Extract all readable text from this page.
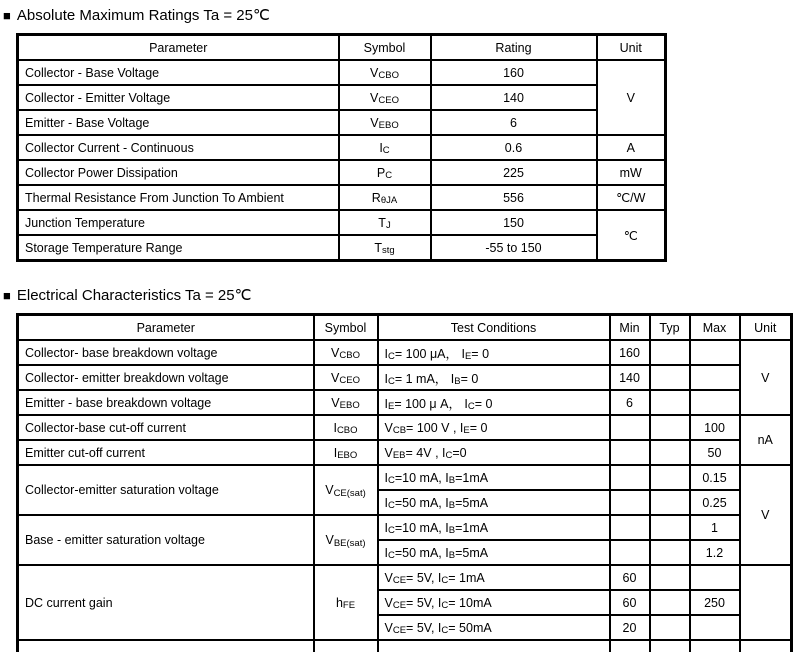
■ Absolute Maximum Ratings Ta = 25℃
Parameter	Symbol	Rating	Unit
Collector - Base Voltage	VCBO	160	V
Collector - Emitter Voltage	VCEO	140	
Emitter - Base Voltage	VEBO	6	
Collector Current - Continuous	IC	0.6	A
Collector Power Dissipation	PC	225	mW
Thermal Resistance From Junction To Ambient	RθJA	556	℃/W
Junction Temperature	TJ	150	℃
Storage Temperature Range	Tstg	-55 to 150	
■ Electrical Characteristics Ta = 25℃
Parameter	Symbol	Test Conditions	Min	Typ	Max	Unit
Collector- base breakdown voltage	VCBO	IC= 100 μA， IE= 0	160			V
Collector- emitter breakdown voltage	VCEO	IC= 1 mA， IB= 0	140			
Emitter - base breakdown voltage	VEBO	IE= 100 μ A， IC= 0	6			
Collector-base cut-off current	ICBO	VCB= 100 V , IE= 0			100	nA
Emitter cut-off current	IEBO	VEB= 4V , IC=0			50	
Collector-emitter saturation voltage	VCE(sat)	IC=10 mA, IB=1mA			0.15	V
		IC=50 mA, IB=5mA			0.25	
Base - emitter saturation voltage	VBE(sat)	IC=10 mA, IB=1mA			1	
		IC=50 mA, IB=5mA			1.2	
DC current gain	hFE	VCE= 5V, IC= 1mA	60			
		VCE= 5V, IC= 10mA	60		250	
		VCE= 5V, IC= 50mA	20			
